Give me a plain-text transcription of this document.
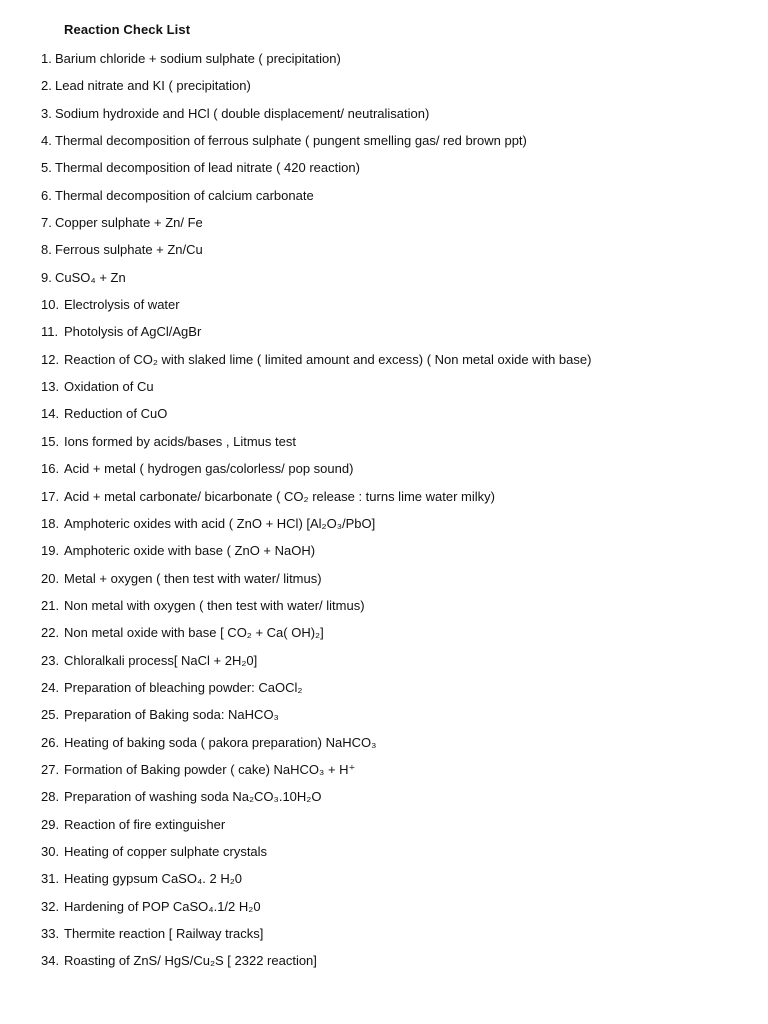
Reaction Check List
1. Barium chloride + sodium sulphate ( precipitation)
2. Lead nitrate and KI ( precipitation)
3. Sodium hydroxide and HCl ( double displacement/ neutralisation)
4. Thermal decomposition of ferrous sulphate ( pungent smelling gas/ red brown ppt)
5. Thermal decomposition of lead nitrate ( 420 reaction)
6. Thermal decomposition of calcium carbonate
7. Copper sulphate + Zn/ Fe
8. Ferrous sulphate + Zn/Cu
9. CuSO₄ + Zn
10. Electrolysis of water
11. Photolysis of AgCl/AgBr
12. Reaction of CO₂ with slaked lime ( limited amount and excess) ( Non metal oxide with base)
13. Oxidation of Cu
14. Reduction of CuO
15. Ions formed by acids/bases , Litmus test
16. Acid + metal ( hydrogen gas/colorless/ pop sound)
17. Acid + metal carbonate/ bicarbonate ( CO₂ release : turns lime water milky)
18. Amphoteric oxides with acid ( ZnO + HCl) [Al₂O₃/PbO]
19. Amphoteric oxide with base ( ZnO + NaOH)
20. Metal + oxygen ( then test with water/ litmus)
21. Non metal with oxygen ( then test with water/ litmus)
22. Non metal oxide with base [ CO₂ + Ca( OH)₂]
23. Chloralkali process[ NaCl + 2H₂0]
24. Preparation of bleaching powder: CaOCl₂
25. Preparation of Baking soda: NaHCO₃
26. Heating of baking soda ( pakora preparation) NaHCO₃
27. Formation of Baking powder ( cake) NaHCO₃ + H⁺
28. Preparation of washing soda Na₂CO₃.10H₂O
29. Reaction of fire extinguisher
30. Heating of copper sulphate crystals
31. Heating gypsum CaSO₄. 2 H₂0
32. Hardening of POP CaSO₄.1/2 H₂0
33. Thermite reaction [ Railway tracks]
34. Roasting of ZnS/ HgS/Cu₂S [ 2322 reaction]
